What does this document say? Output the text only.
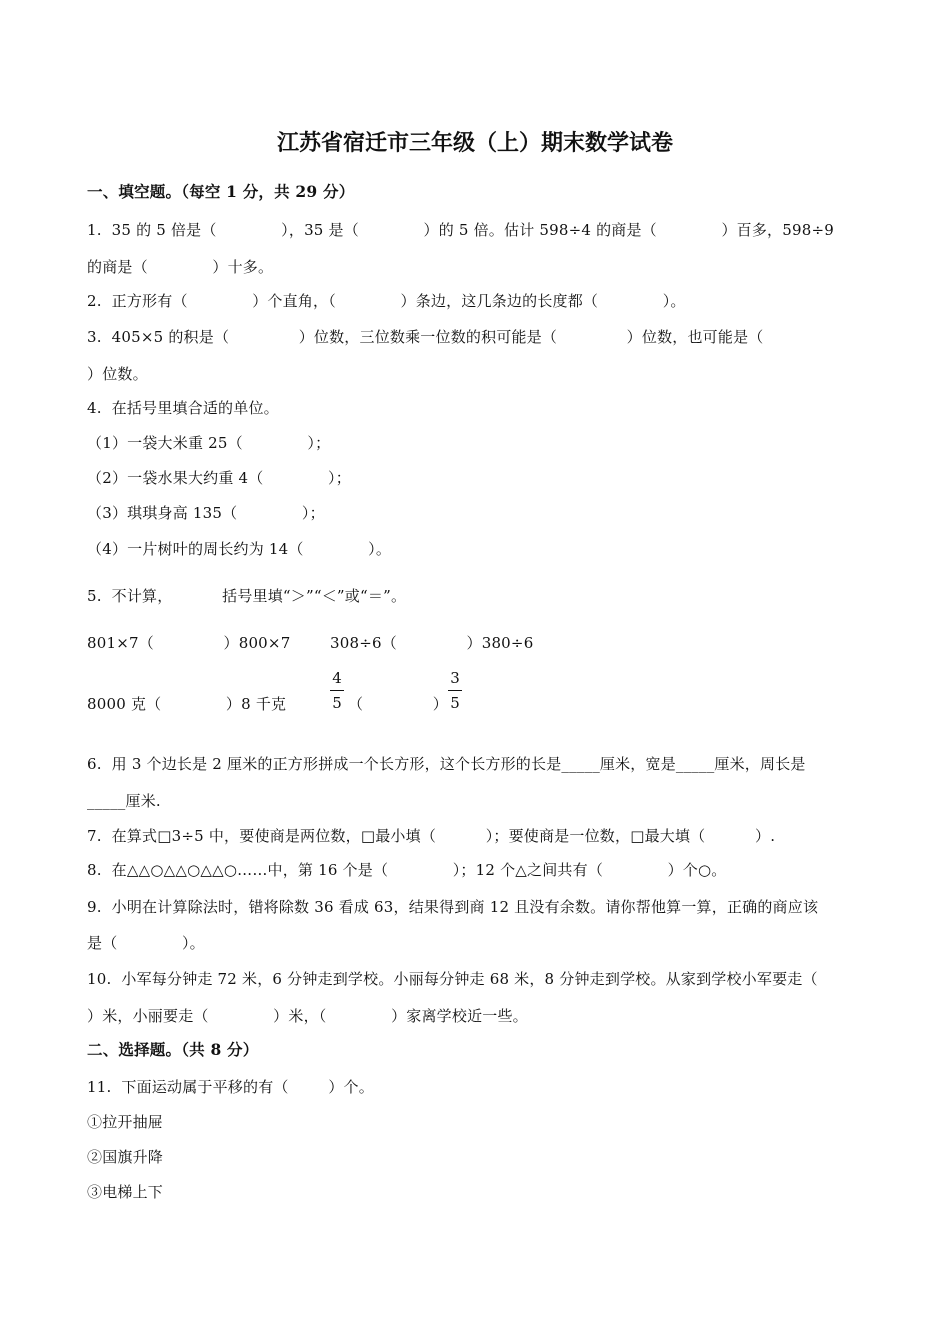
江苏省宿迁市三年级（上）期末数学试卷
一、填空题。（每空 1 分，共 29 分）
1.  35 的 5 倍是（             ），35 是（             ）的 5 倍。估计 598÷4 的商是（             ）百多，598÷9
的商是（             ）十多。
2.  正方形有（             ）个直角，（             ）条边，这几条边的长度都（             ）。
3.  405×5 的积是（              ）位数，三位数乘一位数的积可能是（              ）位数，也可能是（
）位数。
4.  在括号里填合适的单位。
（1）一袋大米重 25（             ）；
（2）一袋水果大约重 4（             ）；
（3）琪琪身高 135（             ）；
（4）一片树叶的周长约为 14（             ）。
5.  不计算，          括号里填“＞”“＜”或“＝”。
801×7（              ）800×7	308÷6（              ）380÷6
8000 克（             ）8 千克
4
5 （              ）
3
5
6.  用 3 个边长是 2 厘米的正方形拼成一个长方形，这个长方形的长是_____厘米，宽是_____厘米，周长是
_____厘米.
7.  在算式□3÷5 中，要使商是两位数，□最小填（          ）；要使商是一位数，□最大填（          ）.
8.  在△△○△△○△△○……中，第 16 个是（             ）；12 个△之间共有（             ）个○。
9.  小明在计算除法时，错将除数 36 看成 63，结果得到商 12 且没有余数。请你帮他算一算，正确的商应该
是（             ）。
10.  小军每分钟走 72 米，6 分钟走到学校。小丽每分钟走 68 米，8 分钟走到学校。从家到学校小军要走（
）米，小丽要走（             ）米，（             ）家离学校近一些。
二、选择题。（共 8 分）
11.  下面运动属于平移的有（        ）个。
①拉开抽屉
②国旗升降
③电梯上下
